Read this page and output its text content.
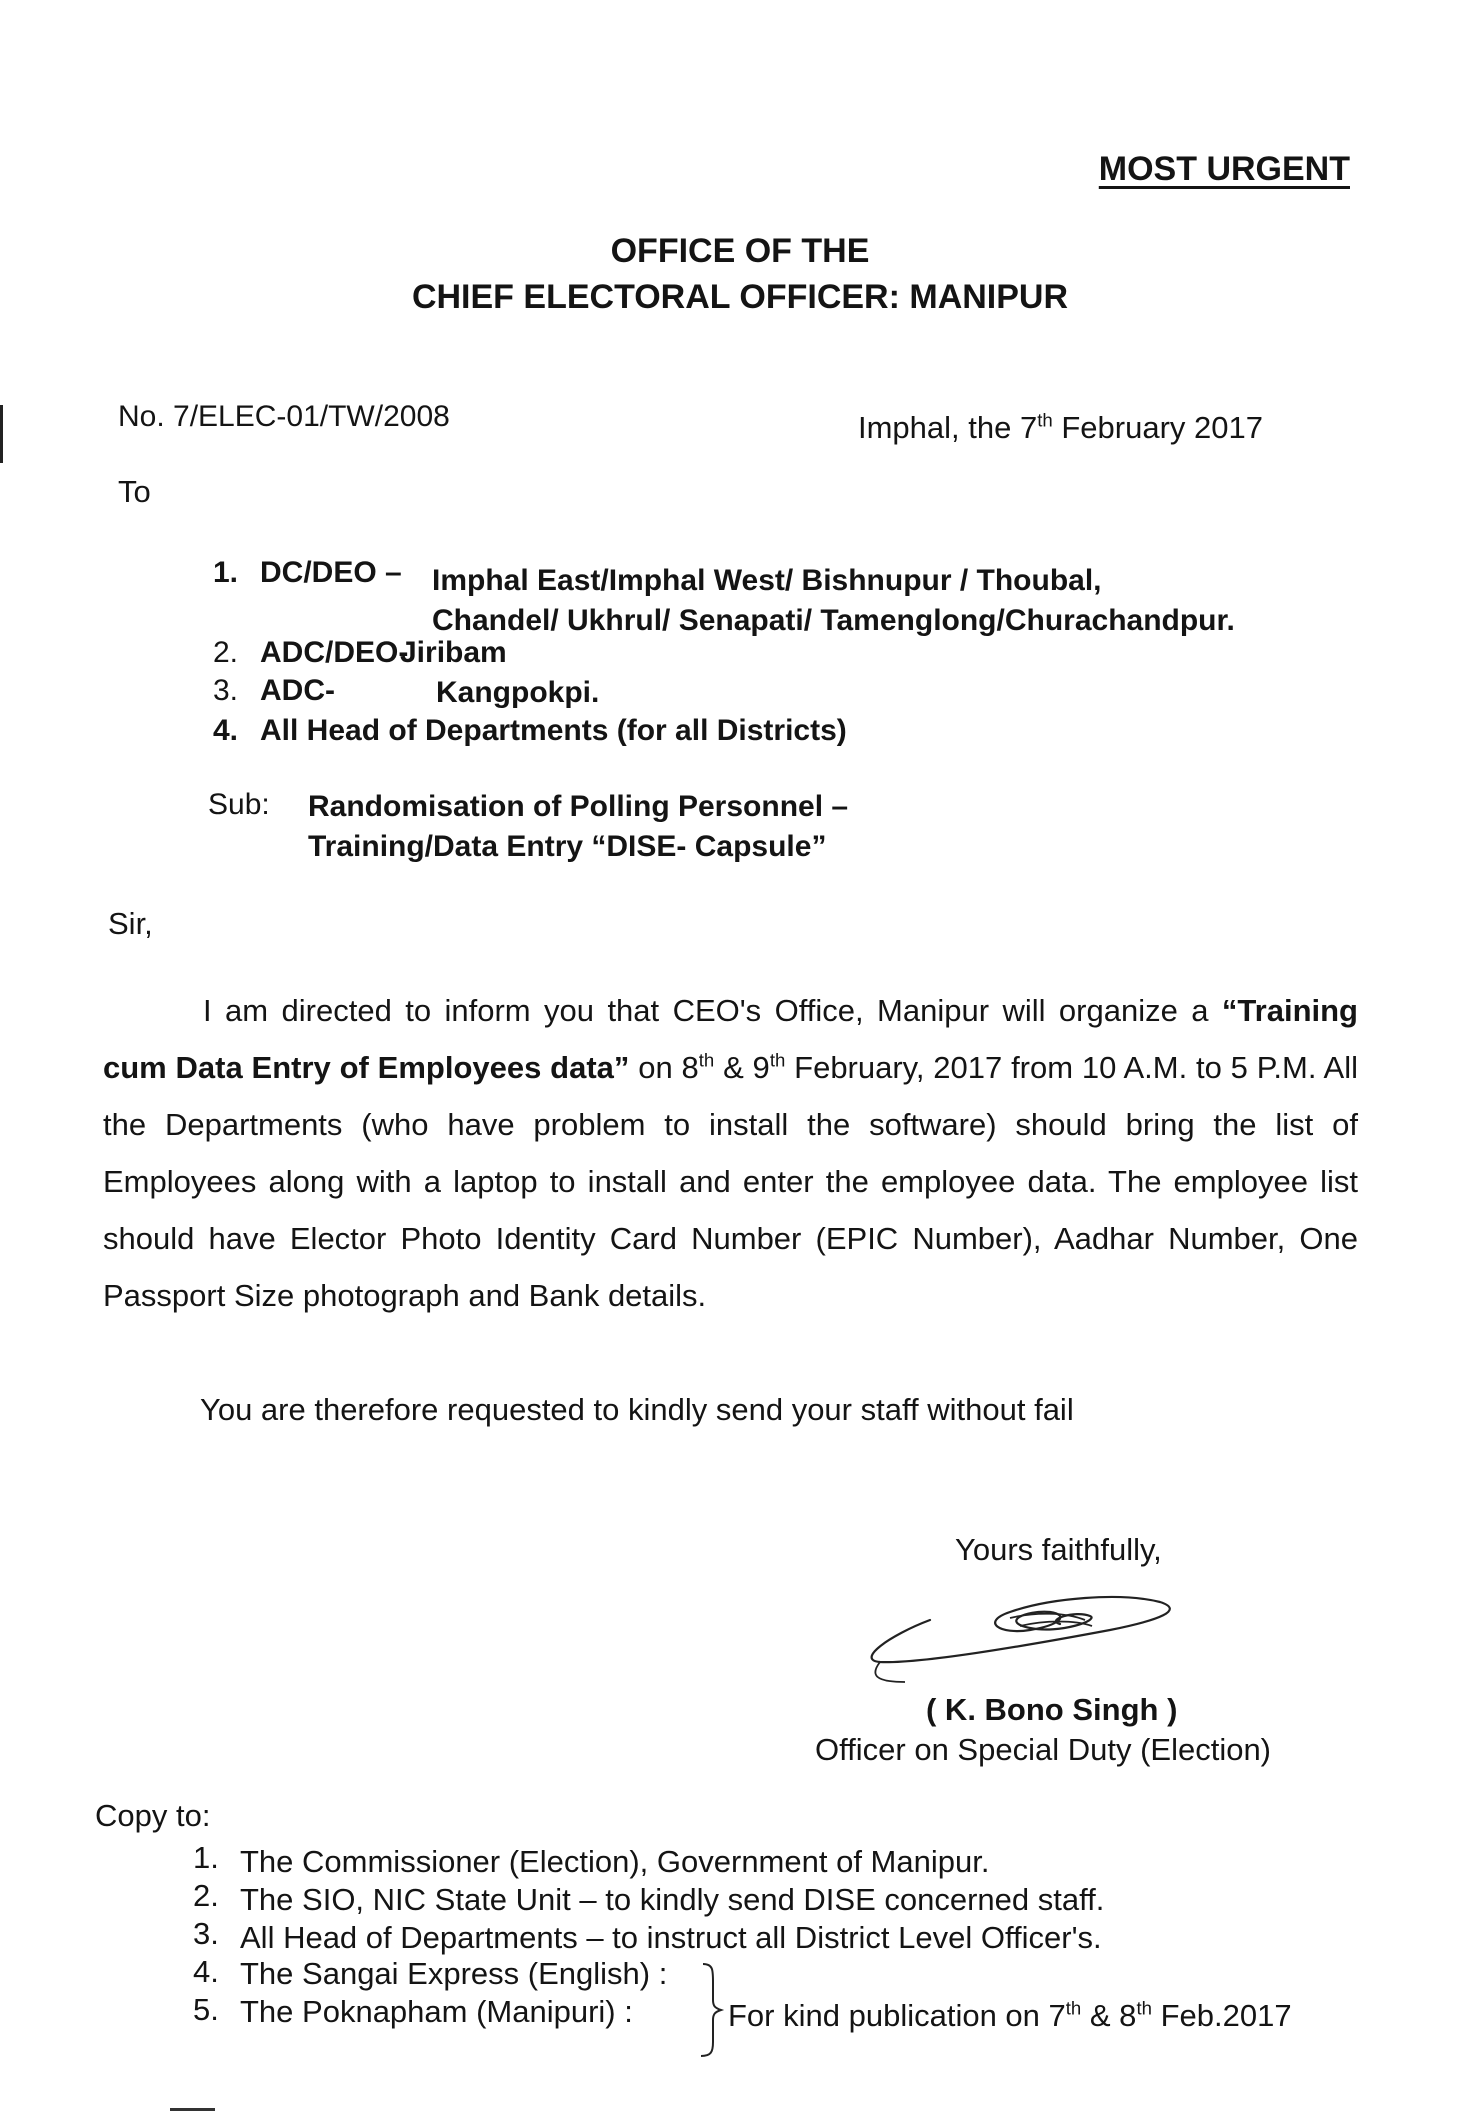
MOST URGENT
OFFICE OF THE
CHIEF ELECTORAL OFFICER: MANIPUR
No. 7/ELEC-01/TW/2008	Imphal, the 7th February 2017
To
1. DC/DEO – Imphal East/Imphal West/ Bishnupur / Thoubal,
Chandel/ Ukhrul/ Senapati/ Tamenglong/Churachandpur.
2. ADC/DEO-
Jiribam
3. ADC-	Kangpokpi.
4. All Head of Departments (for all Districts)
Sub: Randomisation of Polling Personnel –
Training/Data Entry “DISE- Capsule”
Sir,
I am directed to inform you that CEO's Office, Manipur will organize a “Training cum Data Entry of Employees data” on 8th & 9th February, 2017 from 10 A.M. to 5 P.M. All the Departments (who have problem to install the software) should bring the list of Employees along with a laptop to install and enter the employee data. The employee list should have Elector Photo Identity Card Number (EPIC Number), Aadhar Number, One Passport Size photograph and Bank details.
You are therefore requested to kindly send your staff without fail
Yours faithfully,
( K. Bono Singh )
Officer on Special Duty (Election)
Copy to:
1. The Commissioner (Election), Government of Manipur.
2. The SIO, NIC State Unit – to kindly send DISE concerned staff.
3. All Head of Departments – to instruct all District Level Officer's.
4. The Sangai Express (English) :
5. The Poknapham (Manipuri) :	For kind publication on 7th & 8th Feb.2017
